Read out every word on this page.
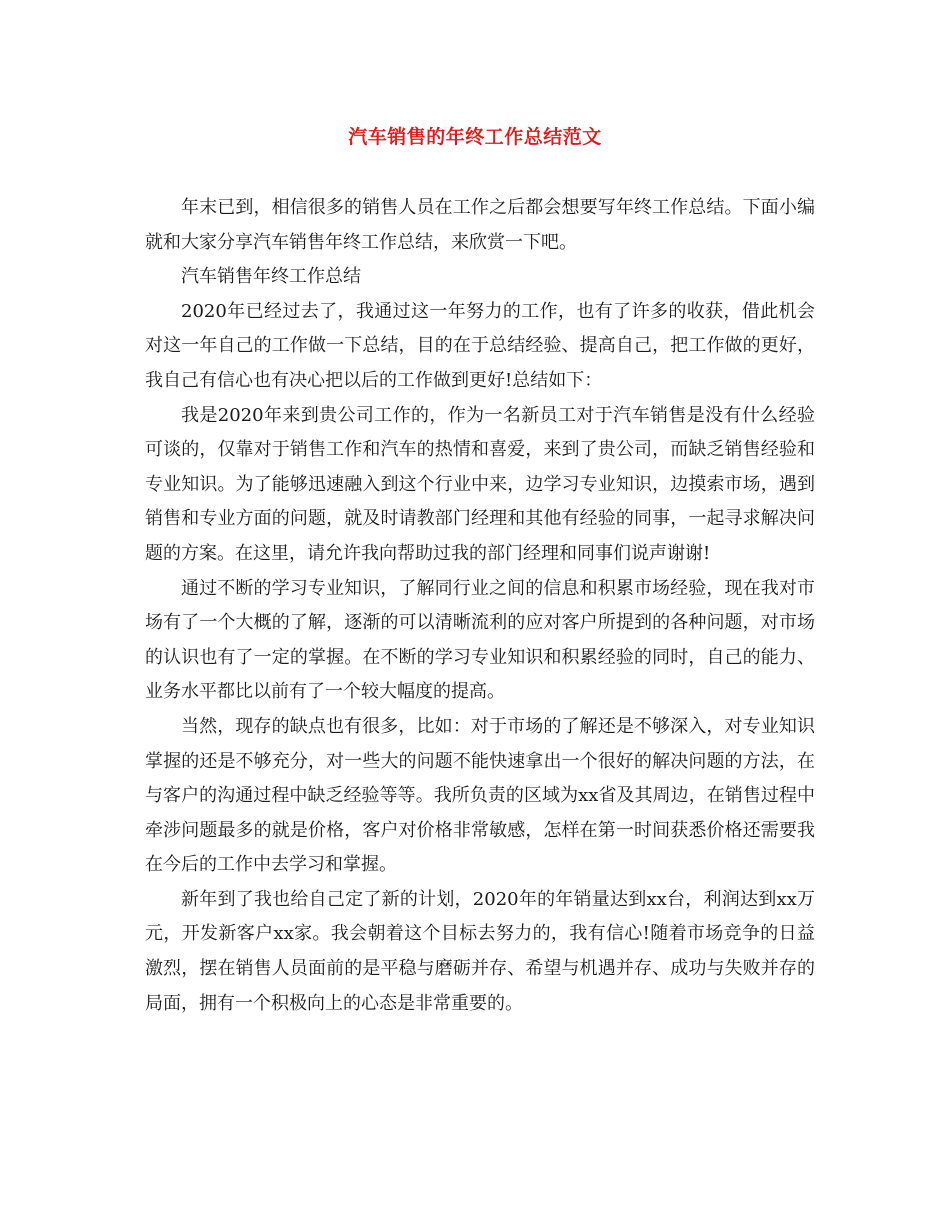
汽车销售的年终工作总结范文

年末已到，相信很多的销售人员在工作之后都会想要写年终工作总结。下面小编就和大家分享汽车销售年终工作总结，来欣赏一下吧。

汽车销售年终工作总结

2020年已经过去了，我通过这一年努力的工作，也有了许多的收获，借此机会对这一年自己的工作做一下总结，目的在于总结经验、提高自己，把工作做的更好，我自己有信心也有决心把以后的工作做到更好!总结如下：

我是2020年来到贵公司工作的，作为一名新员工对于汽车销售是没有什么经验可谈的，仅靠对于销售工作和汽车的热情和喜爱，来到了贵公司，而缺乏销售经验和专业知识。为了能够迅速融入到这个行业中来，边学习专业知识，边摸索市场，遇到销售和专业方面的问题，就及时请教部门经理和其他有经验的同事，一起寻求解决问题的方案。在这里，请允许我向帮助过我的部门经理和同事们说声谢谢!

通过不断的学习专业知识，了解同行业之间的信息和积累市场经验，现在我对市场有了一个大概的了解，逐渐的可以清晰流利的应对客户所提到的各种问题，对市场的认识也有了一定的掌握。在不断的学习专业知识和积累经验的同时，自己的能力、业务水平都比以前有了一个较大幅度的提高。

当然，现存的缺点也有很多，比如：对于市场的了解还是不够深入，对专业知识掌握的还是不够充分，对一些大的问题不能快速拿出一个很好的解决问题的方法，在与客户的沟通过程中缺乏经验等等。我所负责的区域为xx省及其周边，在销售过程中牵涉问题最多的就是价格，客户对价格非常敏感，怎样在第一时间获悉价格还需要我在今后的工作中去学习和掌握。

新年到了我也给自己定了新的计划，2020年的年销量达到xx台，利润达到xx万元，开发新客户xx家。我会朝着这个目标去努力的，我有信心!随着市场竞争的日益激烈，摆在销售人员面前的是平稳与磨砺并存、希望与机遇并存、成功与失败并存的局面，拥有一个积极向上的心态是非常重要的。
